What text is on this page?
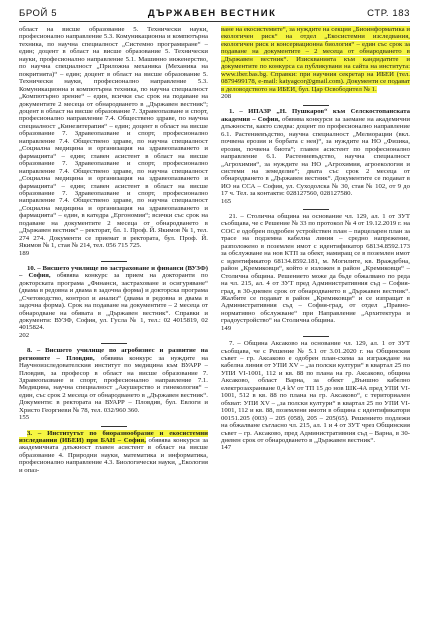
БРОЙ 5	ДЪРЖАВЕН ВЕСТНИК	СТР. 183

област на висше образование 5. Технически науки, професионално направление 5.3. Комуникационна и компютърна техника, по научна специалност „Системно програмиране“ – един; доцент в област на висше образование 5. Технически науки, професионално направление 5.1. Машинно инженерство, по научна специалност „Приложна механика (Механика на покритията)“ – един; доцент в област на висше образование 5. Технически науки, професионално направление 5.3. Комуникационна и компютърна техника, по научна специалност „Компютърно зрение“ – един, всички със срок на подаване на документите 2 месеца от обнародването в „Държавен вестник“; доцент в област на висше образование 7. Здравеопазване и спорт, професионално направление 7.4. Обществено здраве, по научна специалност „Кинезитерапия“ – един; доцент в област на висше образование 7. Здравеопазване и спорт, професионално направление 7.4. Обществено здраве, по научна специалност „Социална медицина и организация на здравеопазването и фармацията“ – един; главен асистент в област на висше образование 7. Здравеопазване и спорт, професионално направление 7.4. Обществено здраве, по научна специалност „Социална медицина и организация на здравеопазването и фармацията“ – един; главен асистент в област на висше образование 7. Здравеопазване и спорт, професионално направление 7.4. Обществено здраве, по научна специалност „Социална медицина и организация на здравеопазването и фармацията“ – един, в катедра „Ергономия“; всички със срок на подаване на документите 2 месеца от обнародването в „Държавен вестник“ – ректорат, бл. 1. Проф. Й. Якимов № 1, тел. 274 274. Документи се приемат в ректората, бул. Проф. Й. Якимов № 1, стая № 214, тел. 056 715 725.

189

10. – Висшето училище по застраховане и финанси (ВУЗФ) – София, обявява конкурс за прием на докторанти по докторската програма „Финанси, застраховане и осигуряване“ (двама в редовна и двама в задочна форма) и докторска програма „Счетоводство, контрол и анализ“ (двама в редовна и двама в задочна форма). Срок на подаване на документите – 2 месеца от обнародване на обявата в „Държавен вестник“. Справки и документи: ВУЗФ, София, ул. Гусла № 1, тел.: 02 4015819, 02 4015824.

202

8. – Висшето училище по агробизнес и развитие на регионите – Пловдив, обявява конкурс за нуждите на Научноизследователския институт по медицина към ВУАРР – Пловдив, за професор в област на висше образование 7. Здравеопазване и спорт, професионално направление 7.1. Медицина, научна специалност „Акушерство и гинекология“ – един, със срок 2 месеца от обнародването в „Държавен вестник“. Документи: в ректората на ВУАРР – Пловдив, бул. Евлоги и Христо Георгиеви № 78, тел. 032/960 360.

155

3. – Институтът по биоразнообразие и екосистемни изследвания (ИБЕИ) при БАН – София, обявява конкурси за академичната длъжност главен асистент в област на висше образование 4. Природни науки, математика и информатика, професионално направление 4.3. Биологически науки, „Екология и опаз-

ване на екосистемите“, за нуждите на секция „Биоинформатика и екологичен риск“ на отдел „Екосистемни изследвания, екологичен риск и консервационна биология“ – един със срок за подаване на документите – 2 месеца от обнародването в „Държавен вестник“. Изискванията към кандидатите и документите по конкурса са публикувани на сайта на института: www.iber.bas.bg. Справки: при научния секретар на ИБЕИ (тел. 0879499178, e-mail: katyagcor@gmail.com). Документи се подават в деловодството на ИБЕИ, бул. Цар Освободител № 1.

208

1. – ИПАЗР „Н. Пушкаров“ към Селскостопанската академия – София, обявява конкурси за заемане на академични длъжности, както следва: доцент по професионално направление 6.1. Растениевъдство, научна специалност „Мелиорации (вкл. почвена ерозия и борбата с нея)“, за нуждите на НО „Физика, ерозия, почвена биота“; главен асистент по професионално направление 6.1. Растениевъдство, научна специалност „Агрохимия“, за нуждите на НО „Агрохимия, агроекология и системи на земеделие“; двата със срок 2 месеца от обнародването в „Държавен вестник“. Документите се подават в ИО на ССА – София, ул. Суходолска № 30, стая № 102, от 9 до 17 ч. Тел. за контакти: 028127560, 028127580.

165

21. – Столична община на основание чл. 129, ал. 1 от ЗУТ съобщава, че с Решение № 33 по протокол № 4 от 19.12.2019 г. на СОС е одобрен подробен устройствен план – парцеларен план за трасе на подземна кабелна линия – средно напрежение, разположено в поземлен имот с идентификатор 68134.8592.173 за обслужване на нов КТП за обект, намиращ се в поземлен имот с идентификатор 68134.8592.181, м. Могилите, кв. Враждебна, район „Кремиковци“, който е изложен в район „Кремиковци“ – Столична община. Решението може да бъде обжалвано по реда на чл. 215, ал. 4 от ЗУТ пред Административния съд – София-град, в 30-дневен срок от обнародването в „Държавен вестник“. Жалбите се подават в район „Кремиковци“ и се изпращат в Административния съд – София-град, от отдел „Правно-нормативно обслужване“ при Направление „Архитектура и градоустройство“ на Столична община.

149

7. – Община Аксаково на основание чл. 129, ал. 1 от ЗУТ съобщава, че с Решение № 5.1 от 3.01.2020 г. на Общинския съвет – гр. Аксаково е одобрен план-схема за изграждане на кабелна линия от УПИ ХV – „за полски култури“ в квартал 25 по УПИ VI-1001, 112 и кв. 88 по плана на гр. Аксаково, община Аксаково, област Варна, за обект „Външно кабелно електрозахранване 0,4 kV от ТП 15 до нов ШК-4А пред УПИ VI-1001, 512 в кв. 88 по плана на гр. Аксаково“, с териториален обхват: УПИ ХV – „за полски култури“ в квартал 25 по УПИ VI-1001, 112 и кв. 88, поземлени имоти в община с идентификатори 00151.205 (003) – 205 (058), 205 – 205(65). Решението подлежи на обжалване съгласно чл. 215, ал. 1 и 4 от ЗУТ чрез Общинския съвет – гр. Аксаково, пред Административния съд – Варна, в 30-дневен срок от обнародването в „Държавен вестник“.

147
